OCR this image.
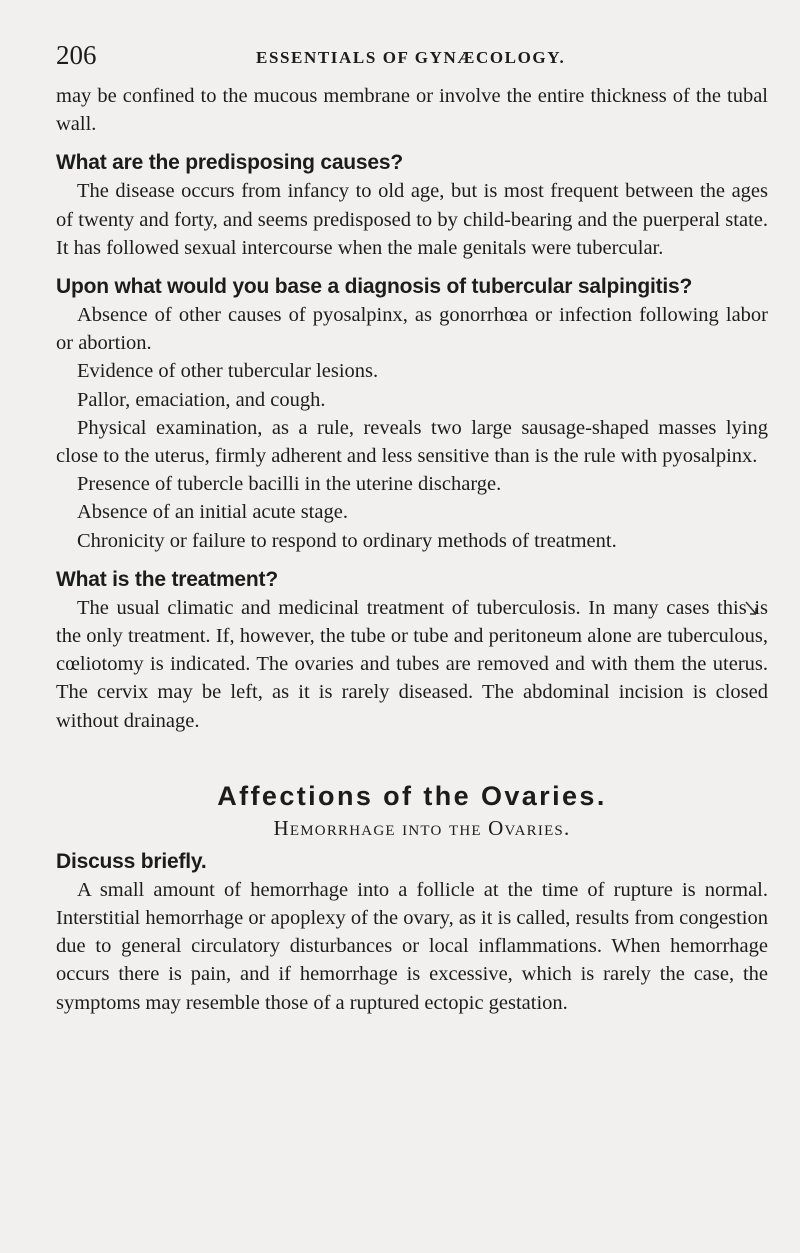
206	ESSENTIALS OF GYNÆCOLOGY.

may be confined to the mucous membrane or involve the entire thickness of the tubal wall.

What are the predisposing causes?

The disease occurs from infancy to old age, but is most frequent between the ages of twenty and forty, and seems predisposed to by child-bearing and the puerperal state. It has followed sexual intercourse when the male genitals were tubercular.

Upon what would you base a diagnosis of tubercular salpingitis?

Absence of other causes of pyosalpinx, as gonorrhœa or infection following labor or abortion.

Evidence of other tubercular lesions.

Pallor, emaciation, and cough.

Physical examination, as a rule, reveals two large sausage-shaped masses lying close to the uterus, firmly adherent and less sensitive than is the rule with pyosalpinx.

Presence of tubercle bacilli in the uterine discharge.

Absence of an initial acute stage.

Chronicity or failure to respond to ordinary methods of treatment.

What is the treatment?

The usual climatic and medicinal treatment of tuberculosis. In many cases this is the only treatment. If, however, the tube or tube and peritoneum alone are tuberculous, cœliotomy is indicated. The ovaries and tubes are removed and with them the uterus. The cervix may be left, as it is rarely diseased. The abdominal incision is closed without drainage.

Affections of the Ovaries.
Hemorrhage into the Ovaries.
Discuss briefly.

A small amount of hemorrhage into a follicle at the time of rupture is normal. Interstitial hemorrhage or apoplexy of the ovary, as it is called, results from congestion due to general circulatory disturbances or local inflammations. When hemorrhage occurs there is pain, and if hemorrhage is excessive, which is rarely the case, the symptoms may resemble those of a ruptured ectopic gestation.
